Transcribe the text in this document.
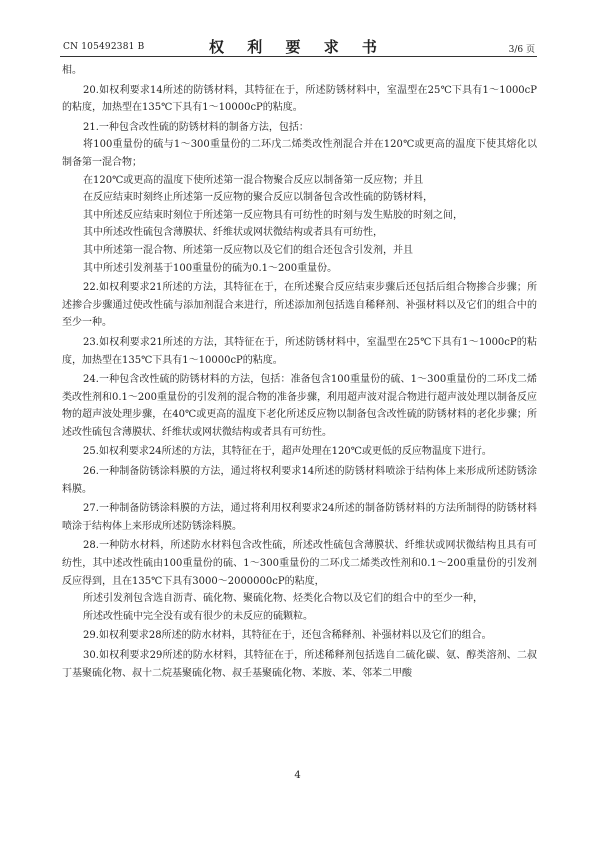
CN 105492381 B	权 利 要 求 书	3/6 页

相。

20.如权利要求14所述的防锈材料，其特征在于，所述防锈材料中，室温型在25℃下具有1～1000cP的粘度，加热型在135℃下具有1～10000cP的粘度。

21.一种包含改性硫的防锈材料的制备方法，包括：

将100重量份的硫与1～300重量份的二环戊二烯类改性剂混合并在120℃或更高的温度下使其熔化以制备第一混合物；

在120℃或更高的温度下使所述第一混合物聚合反应以制备第一反应物；并且

在反应结束时刻终止所述第一反应物的聚合反应以制备包含改性硫的防锈材料，

其中所述反应结束时刻位于所述第一反应物具有可纺性的时刻与发生贴胶的时刻之间，

其中所述改性硫包含薄膜状、纤维状或网状微结构或者具有可纺性，

其中所述第一混合物、所述第一反应物以及它们的组合还包含引发剂，并且

其中所述引发剂基于100重量份的硫为0.1～200重量份。

22.如权利要求21所述的方法，其特征在于，在所述聚合反应结束步骤后还包括后组合物掺合步骤；所述掺合步骤通过使改性硫与添加剂混合来进行，所述添加剂包括选自稀释剂、补强材料以及它们的组合中的至少一种。

23.如权利要求21所述的方法，其特征在于，所述防锈材料中，室温型在25℃下具有1～1000cP的粘度，加热型在135℃下具有1～10000cP的粘度。

24.一种包含改性硫的防锈材料的方法，包括：准备包含100重量份的硫、1～300重量份的二环戊二烯类改性剂和0.1～200重量份的引发剂的混合物的准备步骤，利用超声波对混合物进行超声波处理以制备反应物的超声波处理步骤，在40℃或更高的温度下老化所述反应物以制备包含改性硫的防锈材料的老化步骤；所述改性硫包含薄膜状、纤维状或网状微结构或者具有可纺性。

25.如权利要求24所述的方法，其特征在于，超声处理在120℃或更低的反应物温度下进行。

26.一种制备防锈涂料膜的方法，通过将权利要求14所述的防锈材料喷涂于结构体上来形成所述防锈涂料膜。

27.一种制备防锈涂料膜的方法，通过将利用权利要求24所述的制备防锈材料的方法所制得的防锈材料喷涂于结构体上来形成所述防锈涂料膜。

28.一种防水材料，所述防水材料包含改性硫，所述改性硫包含薄膜状、纤维状或网状微结构且具有可纺性，其中述改性硫由100重量份的硫、1～300重量份的二环戊二烯类改性剂和0.1～200重量份的引发剂反应得到，且在135℃下具有3000～2000000cP的粘度，

所述引发剂包含选自沥青、硫化物、聚硫化物、烃类化合物以及它们的组合中的至少一种，

所述改性硫中完全没有或有很少的未反应的硫颗粒。

29.如权利要求28所述的防水材料，其特征在于，还包含稀释剂、补强材料以及它们的组合。

30.如权利要求29所述的防水材料，其特征在于，所述稀释剂包括选自二硫化碳、氨、醇类溶剂、二叔丁基聚硫化物、叔十二烷基聚硫化物、叔壬基聚硫化物、苯胺、苯、邻苯二甲酸

4
